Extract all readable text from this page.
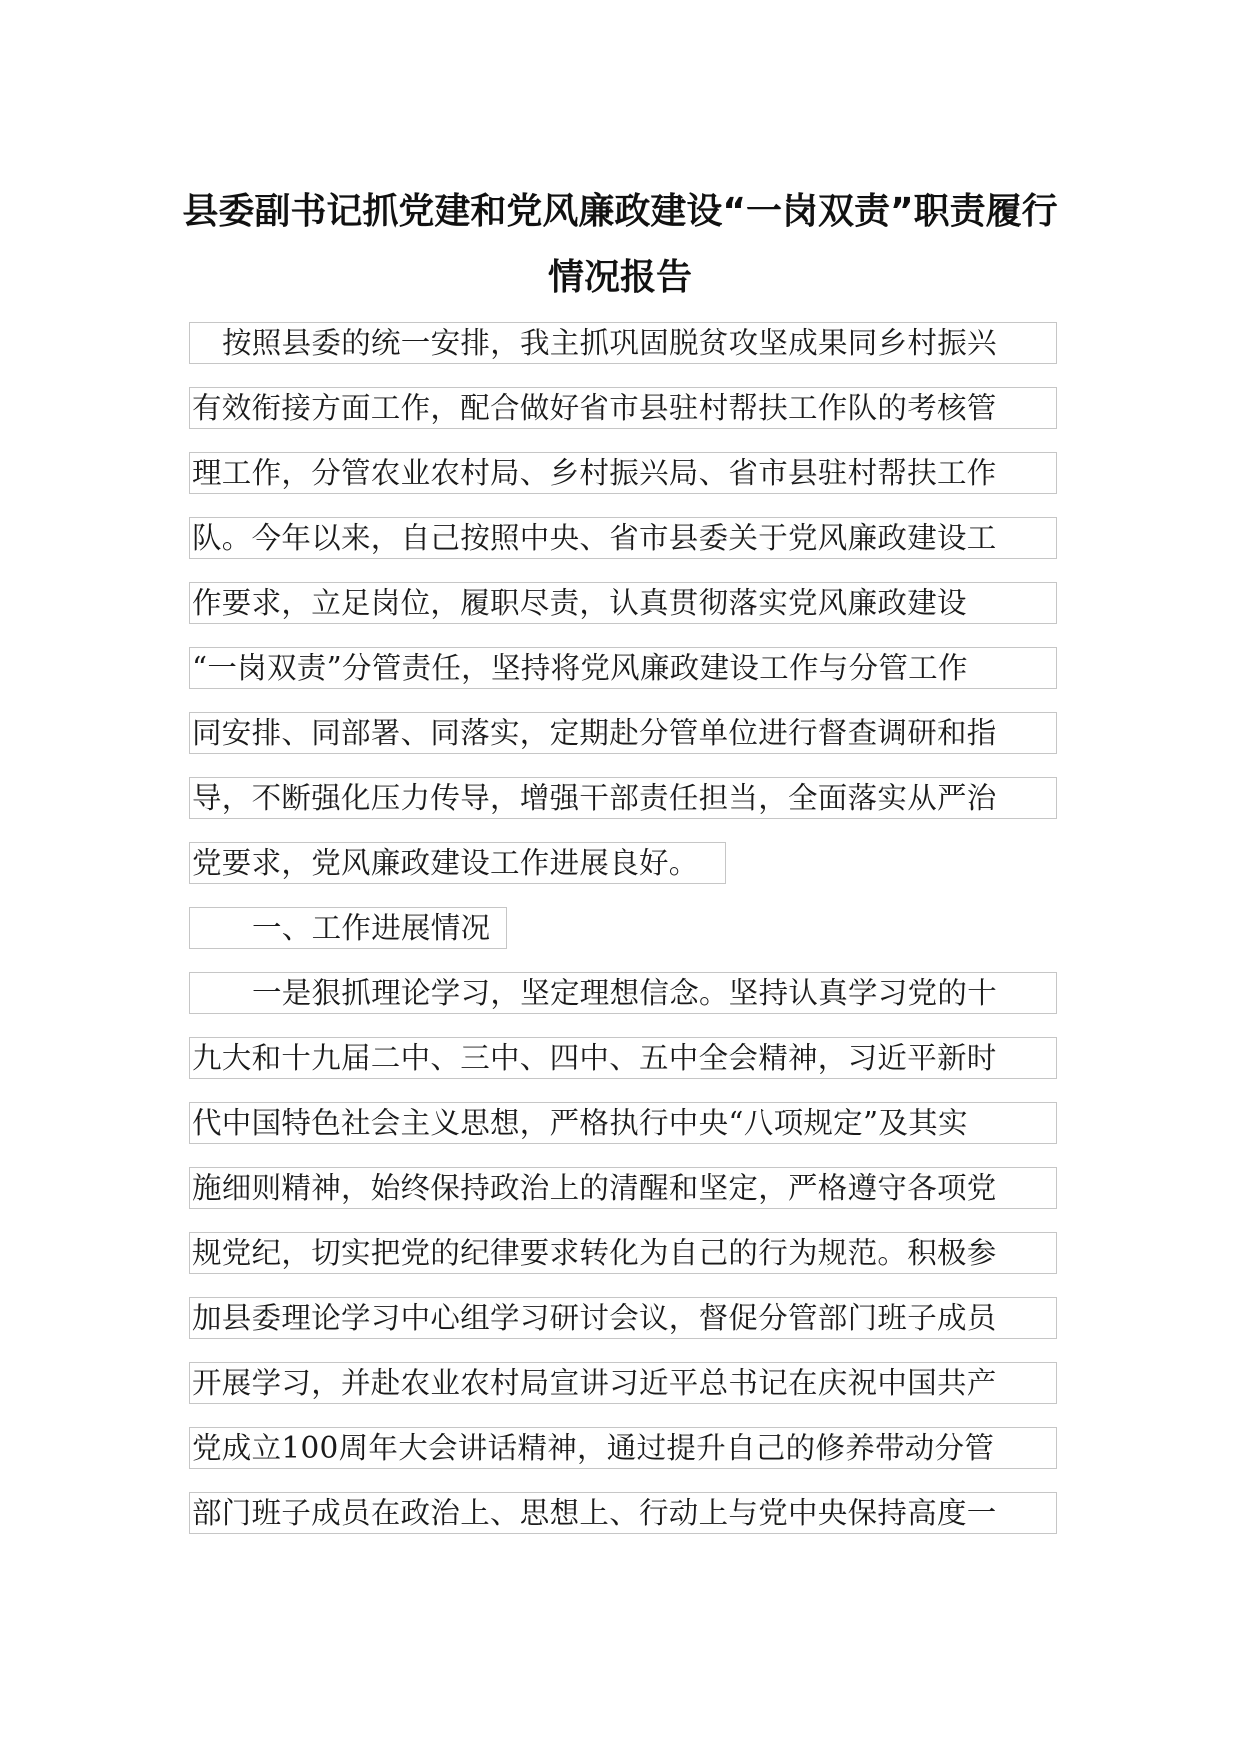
县委副书记抓党建和党风廉政建设“一岗双责”职责履行
情况报告
按照县委的统一安排，我主抓巩固脱贫攻坚成果同乡村振兴
有效衔接方面工作，配合做好省市县驻村帮扶工作队的考核管
理工作，分管农业农村局、乡村振兴局、省市县驻村帮扶工作
队。今年以来，自己按照中央、省市县委关于党风廉政建设工
作要求，立足岗位，履职尽责，认真贯彻落实党风廉政建设
“一岗双责”分管责任，坚持将党风廉政建设工作与分管工作
同安排、同部署、同落实，定期赴分管单位进行督查调研和指
导，不断强化压力传导，增强干部责任担当，全面落实从严治
党要求，党风廉政建设工作进展良好。
一、工作进展情况
一是狠抓理论学习，坚定理想信念。坚持认真学习党的十
九大和十九届二中、三中、四中、五中全会精神，习近平新时
代中国特色社会主义思想，严格执行中央“八项规定”及其实
施细则精神，始终保持政治上的清醒和坚定，严格遵守各项党
规党纪，切实把党的纪律要求转化为自己的行为规范。积极参
加县委理论学习中心组学习研讨会议，督促分管部门班子成员
开展学习，并赴农业农村局宣讲习近平总书记在庆祝中国共产
党成立100周年大会讲话精神，通过提升自己的修养带动分管
部门班子成员在政治上、思想上、行动上与党中央保持高度一
